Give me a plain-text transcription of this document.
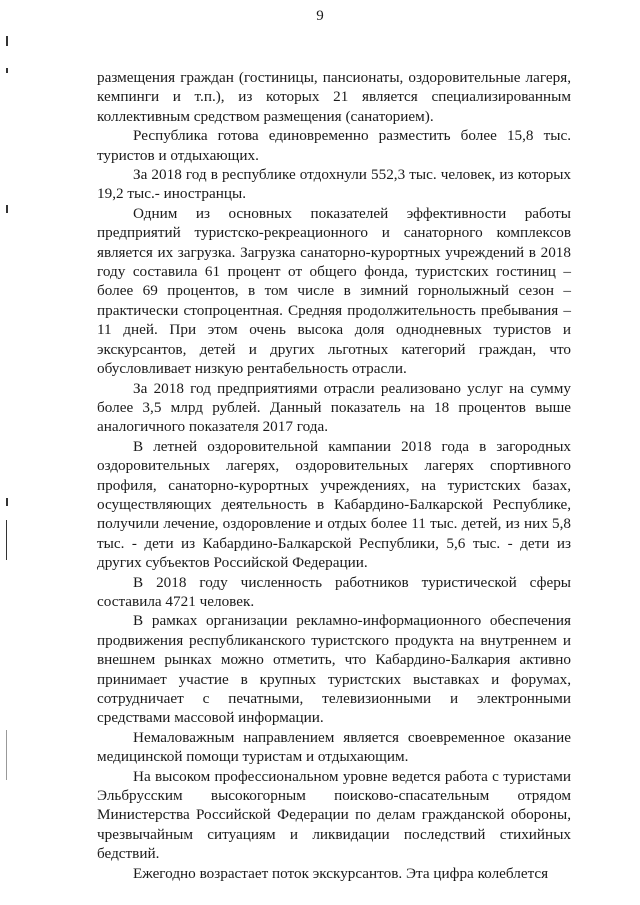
9

размещения граждан (гостиницы, пансионаты, оздоровительные лагеря, кемпинги и т.п.), из которых 21 является специализированным коллективным средством размещения (санаторием).

Республика готова единовременно разместить более 15,8 тыс. туристов и отдыхающих.

За 2018 год в республике отдохнули 552,3 тыс. человек, из которых 19,2 тыс.- иностранцы.

Одним из основных показателей эффективности работы предприятий туристско-рекреационного и санаторного комплексов является их загрузка. Загрузка санаторно-курортных учреждений в 2018 году составила 61 процент от общего фонда, туристских гостиниц – более 69 процентов, в том числе в зимний горнолыжный сезон – практически стопроцентная. Средняя продолжительность пребывания – 11 дней. При этом очень высока доля однодневных туристов и экскурсантов, детей и других льготных категорий граждан, что обусловливает низкую рентабельность отрасли.

За 2018 год предприятиями отрасли реализовано услуг на сумму более 3,5 млрд рублей. Данный показатель на 18 процентов выше аналогичного показателя 2017 года.

В летней оздоровительной кампании 2018 года в загородных оздоровительных лагерях, оздоровительных лагерях спортивного профиля, санаторно-курортных учреждениях, на туристских базах, осуществляющих деятельность в Кабардино-Балкарской Республике, получили лечение, оздоровление и отдых более 11 тыс. детей, из них 5,8 тыс. - дети из Кабардино-Балкарской Республики, 5,6 тыс. - дети из других субъектов Российской Федерации.

В 2018 году численность работников туристической сферы составила 4721 человек.

В рамках организации рекламно-информационного обеспечения продвижения республиканского туристского продукта на внутреннем и внешнем рынках можно отметить, что Кабардино-Балкария активно принимает участие в крупных туристских выставках и форумах, сотрудничает с печатными, телевизионными и электронными средствами массовой информации.

Немаловажным направлением является своевременное оказание медицинской помощи туристам и отдыхающим.

На высоком профессиональном уровне ведется работа с туристами Эльбрусским высокогорным поисково-спасательным отрядом Министерства Российской Федерации по делам гражданской обороны, чрезвычайным ситуациям и ликвидации последствий стихийных бедствий.

Ежегодно возрастает поток экскурсантов. Эта цифра колеблется
